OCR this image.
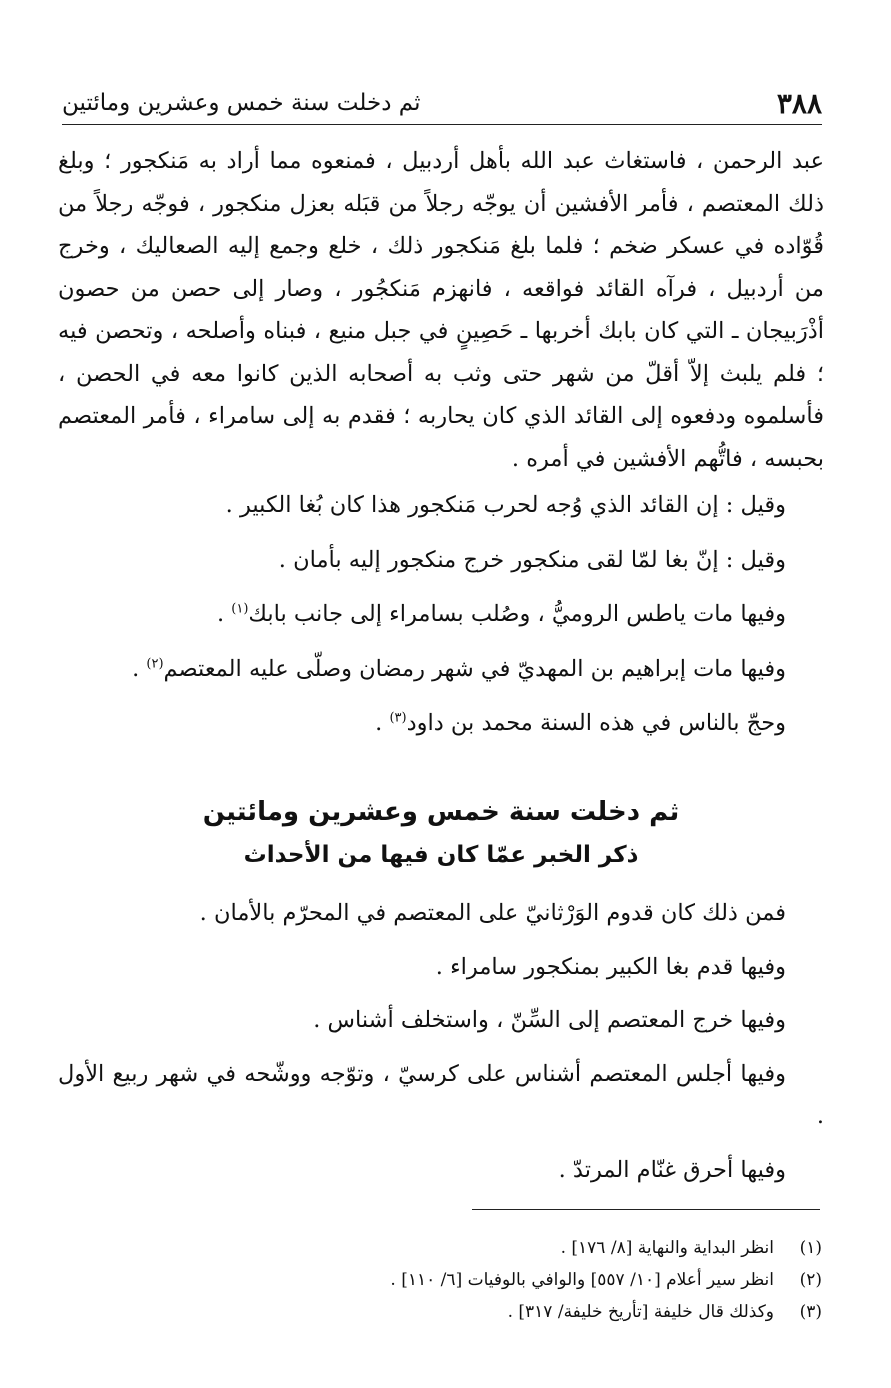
٣٨٨
ثم دخلت سنة خمس وعشرين ومائتين

عبد الرحمن ، فاستغاث عبد الله بأهل أردبيل ، فمنعوه مما أراد به مَنكجور ؛ وبلغ ذلك المعتصم ، فأمر الأفشين أن يوجّه رجلاً من قبَله بعزل منكجور ، فوجّه رجلاً من قُوّاده في عسكر ضخم ؛ فلما بلغ مَنكجور ذلك ، خلع وجمع إليه الصعاليك ، وخرج من أردبيل ، فرآه القائد فواقعه ، فانهزم مَنكجُور ، وصار إلى حصن من حصون أذْرَبيجان ـ التي كان بابك أخربها ـ حَصِينٍ في جبل منيع ، فبناه وأصلحه ، وتحصن فيه ؛ فلم يلبث إلاّ أقلّ من شهر حتى وثب به أصحابه الذين كانوا معه في الحصن ، فأسلموه ودفعوه إلى القائد الذي كان يحاربه ؛ فقدم به إلى سامراء ، فأمر المعتصم بحبسه ، فاتُّهم الأفشين في أمره .

وقيل : إن القائد الذي وُجه لحرب مَنكجور هذا كان بُغا الكبير .

وقيل : إنّ بغا لمّا لقى منكجور خرج منكجور إليه بأمان .

وفيها مات ياطس الروميُّ ، وصُلب بسامراء إلى جانب بابك$^{(١)}$ .

وفيها مات إبراهيم بن المهديّ في شهر رمضان وصلّى عليه المعتصم$^{(٢)}$ .

وحجّ بالناس في هذه السنة محمد بن داود$^{(٣)}$ .

ثم دخلت سنة خمس وعشرين ومائتين

ذكر الخبر عمّا كان فيها من الأحداث

فمن ذلك كان قدوم الوَرْثانيّ على المعتصم في المحرّم بالأمان .

وفيها قدم بغا الكبير بمنكجور سامراء .

وفيها خرج المعتصم إلى السِّنّ ، واستخلف أشناس .

وفيها أجلس المعتصم أشناس على كرسيّ ، وتوّجه ووشّحه في شهر ربيع الأول .

وفيها أحرق غنّام المرتدّ .

(١)انظر البداية والنهاية [٨/ ١٧٦] .

(٢)انظر سير أعلام [١٠/ ٥٥٧] والوافي بالوفيات [٦/ ١١٠] .

(٣)وكذلك قال خليفة [تأريخ خليفة/ ٣١٧] .
